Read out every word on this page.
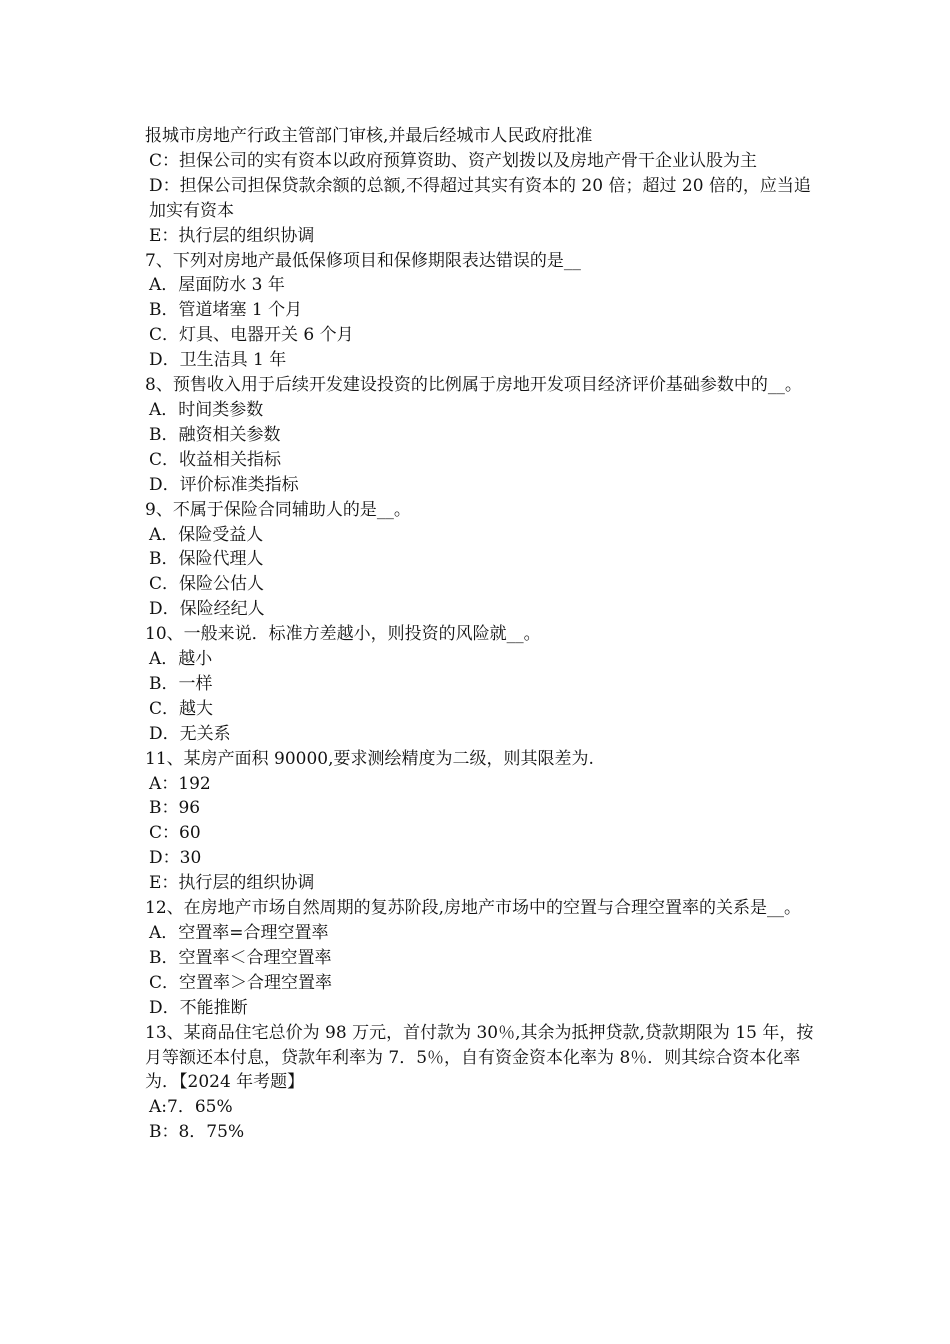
报城市房地产行政主管部门审核,并最后经城市人民政府批准
C：担保公司的实有资本以政府预算资助、资产划拨以及房地产骨干企业认股为主
D：担保公司担保贷款余额的总额,不得超过其实有资本的 20 倍；超过 20 倍的，应当追加实有资本
E：执行层的组织协调
7、下列对房地产最低保修项目和保修期限表达错误的是__
A．屋面防水 3 年
B．管道堵塞 1 个月
C．灯具、电器开关 6 个月
D．卫生洁具 1 年
8、预售收入用于后续开发建设投资的比例属于房地开发项目经济评价基础参数中的__。
A．时间类参数
B．融资相关参数
C．收益相关指标
D．评价标准类指标
9、不属于保险合同辅助人的是__。
A．保险受益人
B．保险代理人
C．保险公估人
D．保险经纪人
10、一般来说．标准方差越小，则投资的风险就__。
A．越小
B．一样
C．越大
D．无关系
11、某房产面积 90000,要求测绘精度为二级，则其限差为.
A：192
B：96
C：60
D：30
E：执行层的组织协调
12、在房地产市场自然周期的复苏阶段,房地产市场中的空置与合理空置率的关系是__。
A．空置率=合理空置率
B．空置率＜合理空置率
C．空置率＞合理空置率
D．不能推断
13、某商品住宅总价为 98 万元，首付款为 30％,其余为抵押贷款,贷款期限为 15 年，按月等额还本付息，贷款年利率为 7．5％，自有资金资本化率为 8％．则其综合资本化率为．【2024 年考题】
A:7．65%
B：8．75%
